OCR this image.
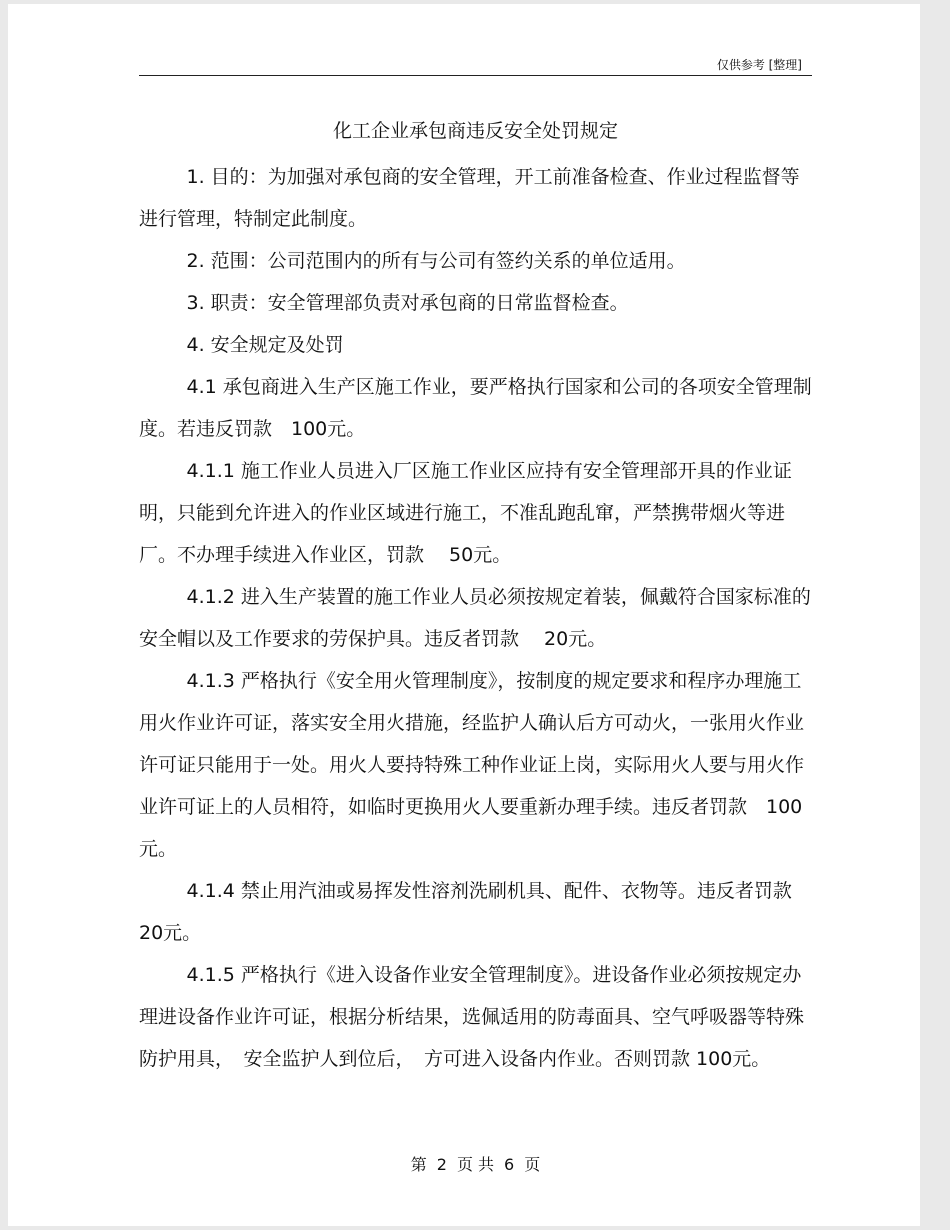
仅供参考 [整理]
化工企业承包商违反安全处罚规定

1. 目的：为加强对承包商的安全管理，开工前准备检查、作业过程监督等进行管理，特制定此制度。

2. 范围：公司范围内的所有与公司有签约关系的单位适用。

3. 职责：安全管理部负责对承包商的日常监督检查。

4. 安全规定及处罚

4.1 承包商进入生产区施工作业，要严格执行国家和公司的各项安全管理制度。若违反罚款　100元。

4.1.1 施工作业人员进入厂区施工作业区应持有安全管理部开具的作业证明，只能到允许进入的作业区域进行施工，不准乱跑乱窜，严禁携带烟火等进厂。不办理手续进入作业区，罚款　 50元。

4.1.2 进入生产装置的施工作业人员必须按规定着装，佩戴符合国家标准的安全帽以及工作要求的劳保护具。违反者罚款　 20元。

4.1.3 严格执行《安全用火管理制度》，按制度的规定要求和程序办理施工用火作业许可证，落实安全用火措施，经监护人确认后方可动火，一张用火作业许可证只能用于一处。用火人要持特殊工种作业证上岗，实际用火人要与用火作业许可证上的人员相符，如临时更换用火人要重新办理手续。违反者罚款　100元。

4.1.4 禁止用汽油或易挥发性溶剂洗刷机具、配件、衣物等。违反者罚款 20元。

4.1.5 严格执行《进入设备作业安全管理制度》。进设备作业必须按规定办理进设备作业许可证，根据分析结果，选佩适用的防毒面具、空气呼吸器等特殊防护用具，　安全监护人到位后，　方可进入设备内作业。否则罚款 100元。

第 2 页 共 6 页
